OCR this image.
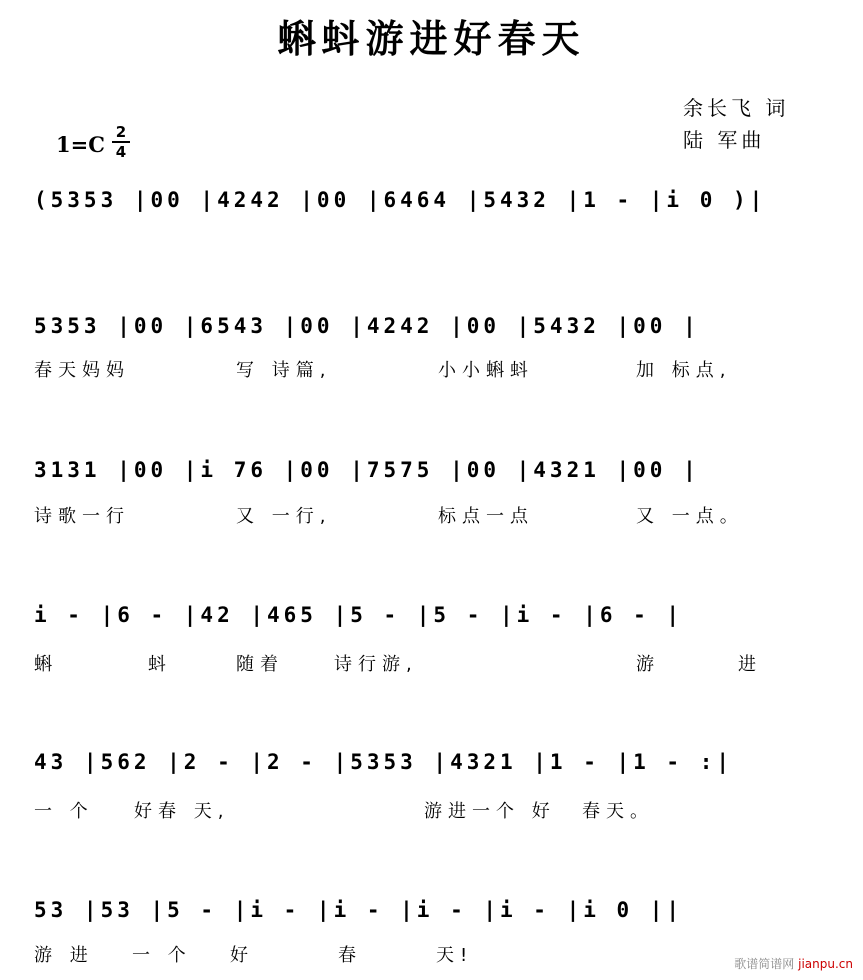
蝌蚪游进好春天
余长飞 词
陆 军曲
1=C 2
4
(5353 |00 |4242 |00 |6464 |5432 |1 - |i 0 )|
5353 |00 |6543 |00 |4242 |00 |5432 |00 |
春天妈妈	写 诗篇,	小小蝌蚪	加 标点,
3131 |00 |i 76 |00 |7575 |00 |4321 |00 |
诗歌一行	又 一行,	标点一点	又 一点。
i - |6 - |42 |465 |5 - |5 - |i - |6 - |
蝌	蚪	随着	诗行游,	游	进
43 |562 |2 - |2 - |5353 |4321 |1 - |1 - :|
一 个 好春 天,	游进一个 好 春天。
53 |53 |5 - |i - |i - |i - |i - |i 0 ||
游 进 一 个 好	春	天!	歌谱简谱网 jianpu.cn
